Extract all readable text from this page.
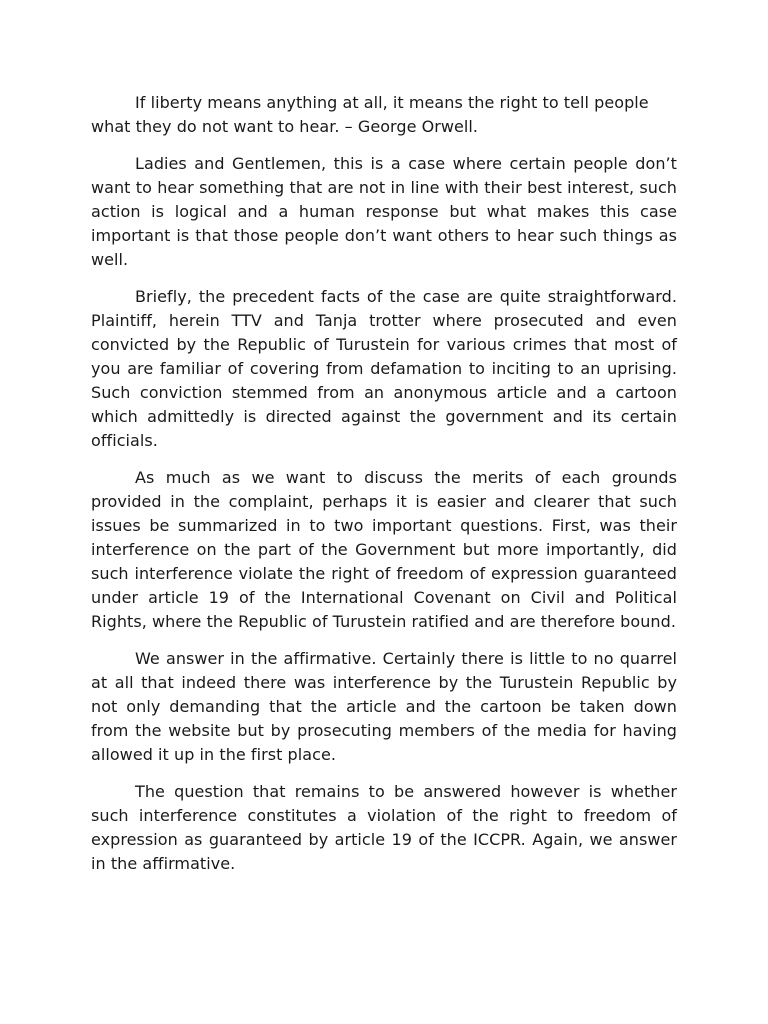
If liberty means anything at all, it means the right to tell people what they do not want to hear. – George Orwell.

Ladies and Gentlemen, this is a case where certain people don’t want to hear something that are not in line with their best interest, such action is logical and a human response but what makes this case important is that those people don’t want others to hear such things as well.

Briefly, the precedent facts of the case are quite straightforward. Plaintiff, herein TTV and Tanja trotter where prosecuted and even convicted by the Republic of Turustein for various crimes that most of you are familiar of covering from defamation to inciting to an uprising. Such conviction stemmed from an anonymous article and a cartoon which admittedly is directed against the government and its certain officials.

As much as we want to discuss the merits of each grounds provided in the complaint, perhaps it is easier and clearer that such issues be summarized in to two important questions. First, was their interference on the part of the Government but more importantly, did such interference violate the right of freedom of expression guaranteed under article 19 of the International Covenant on Civil and Political Rights, where the Republic of Turustein ratified and are therefore bound.

We answer in the affirmative. Certainly there is little to no quarrel at all that indeed there was interference by the Turustein Republic by not only demanding that the article and the cartoon be taken down from the website but by prosecuting members of the media for having allowed it up in the first place.

The question that remains to be answered however is whether such interference constitutes a violation of the right to freedom of expression as guaranteed by article 19 of the ICCPR. Again, we answer in the affirmative.
